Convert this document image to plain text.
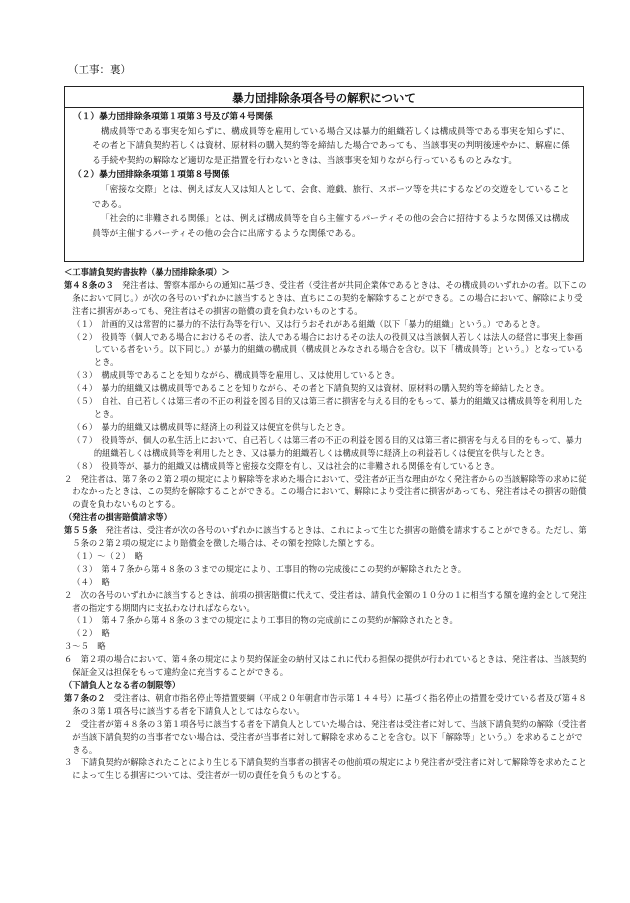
（工事：裏）
暴力団排除条項各号の解釈について
（１）暴力団排除条項第１項第３号及び第４号関係
構成員等である事実を知らずに、構成員等を雇用している場合又は暴力的組織若しくは構成員等である事実を知らずに、その者と下請負契約若しくは資材、原材料の購入契約等を締結した場合であっても、当該事実の判明後速やかに、解雇に係る手続や契約の解除など適切な是正措置を行わないときは、当該事実を知りながら行っているものとみなす。
（２）暴力団排除条項第１項第８号関係
「密接な交際」とは、例えば友人又は知人として、会食、遊戯、旅行、スポーツ等を共にするなどの交遊をしていることである。
「社会的に非難される関係」とは、例えば構成員等を自ら主催するパーティその他の会合に招待するような関係又は構成員等が主催するパーティその他の会合に出席するような関係である。

＜工事請負契約書抜粋（暴力団排除条項）＞

第４８条の３　発注者は、警察本部からの通知に基づき、受注者（受注者が共同企業体であるときは、その構成員のいずれかの者。以下この条において同じ。）が次の各号のいずれかに該当するときは、直ちにこの契約を解除することができる。この場合において、解除により受注者に損害があっても、発注者はその損害の賠償の責を負わないものとする。

（１）　計画的又は常習的に暴力的不法行為等を行い、又は行うおそれがある組織（以下「暴力的組織」という。）であるとき。

（２）　役員等（個人である場合におけるその者、法人である場合におけるその法人の役員又は当該個人若しくは法人の経営に事実上参画している者をいう。以下同じ。）が暴力的組織の構成員（構成員とみなされる場合を含む。以下「構成員等」という。）となっているとき。

（３）　構成員等であることを知りながら、構成員等を雇用し、又は使用しているとき。

（４）　暴力的組織又は構成員等であることを知りながら、その者と下請負契約又は資材、原材料の購入契約等を締結したとき。

（５）　自社、自己若しくは第三者の不正の利益を図る目的又は第三者に損害を与える目的をもって、暴力的組織又は構成員等を利用したとき。

（６）　暴力的組織又は構成員等に経済上の利益又は便宜を供与したとき。

（７）　役員等が、個人の私生活上において、自己若しくは第三者の不正の利益を図る目的又は第三者に損害を与える目的をもって、暴力的組織若しくは構成員等を利用したとき、又は暴力的組織若しくは構成員等に経済上の利益若しくは便宜を供与したとき。

（８）　役員等が、暴力的組織又は構成員等と密接な交際を有し、又は社会的に非難される関係を有しているとき。

２　発注者は、第７条の２第２項の規定により解除等を求めた場合において、受注者が正当な理由がなく発注者からの当該解除等の求めに従わなかったときは、この契約を解除することができる。この場合において、解除により受注者に損害があっても、発注者はその損害の賠償の責を負わないものとする。

（発注者の損害賠償請求等）

第５５条　発注者は、受注者が次の各号のいずれかに該当するときは、これによって生じた損害の賠償を請求することができる。ただし、第５条の２第２項の規定により賠償金を徴した場合は、その額を控除した額とする。

（１）～（２）　略

（３）　第４７条から第４８条の３までの規定により、工事目的物の完成後にこの契約が解除されたとき。

（４）　略

２　次の各号のいずれかに該当するときは、前項の損害賠償に代えて、受注者は、請負代金額の１０分の１に相当する額を違約金として発注者の指定する期間内に支払わなければならない。

（１）　第４７条から第４８条の３までの規定により工事目的物の完成前にこの契約が解除されたとき。

（２）　略

３～５　略

６　第２項の場合において、第４条の規定により契約保証金の納付又はこれに代わる担保の提供が行われているときは、発注者は、当該契約保証金又は担保をもって違約金に充当することができる。

（下請負人となる者の制限等）

第７条の２　受注者は、朝倉市指名停止等措置要綱（平成２０年朝倉市告示第１４４号）に基づく指名停止の措置を受けている者及び第４８条の３第１項各号に該当する者を下請負人としてはならない。

２　受注者が第４８条の３第１項各号に該当する者を下請負人としていた場合は、発注者は受注者に対して、当該下請負契約の解除（受注者が当該下請負契約の当事者でない場合は、受注者が当事者に対して解除を求めることを含む。以下「解除等」という。）を求めることができる。

３　下請負契約が解除されたことにより生じる下請負契約当事者の損害その他前項の規定により発注者が受注者に対して解除等を求めたことによって生じる損害については、受注者が一切の責任を負うものとする。
